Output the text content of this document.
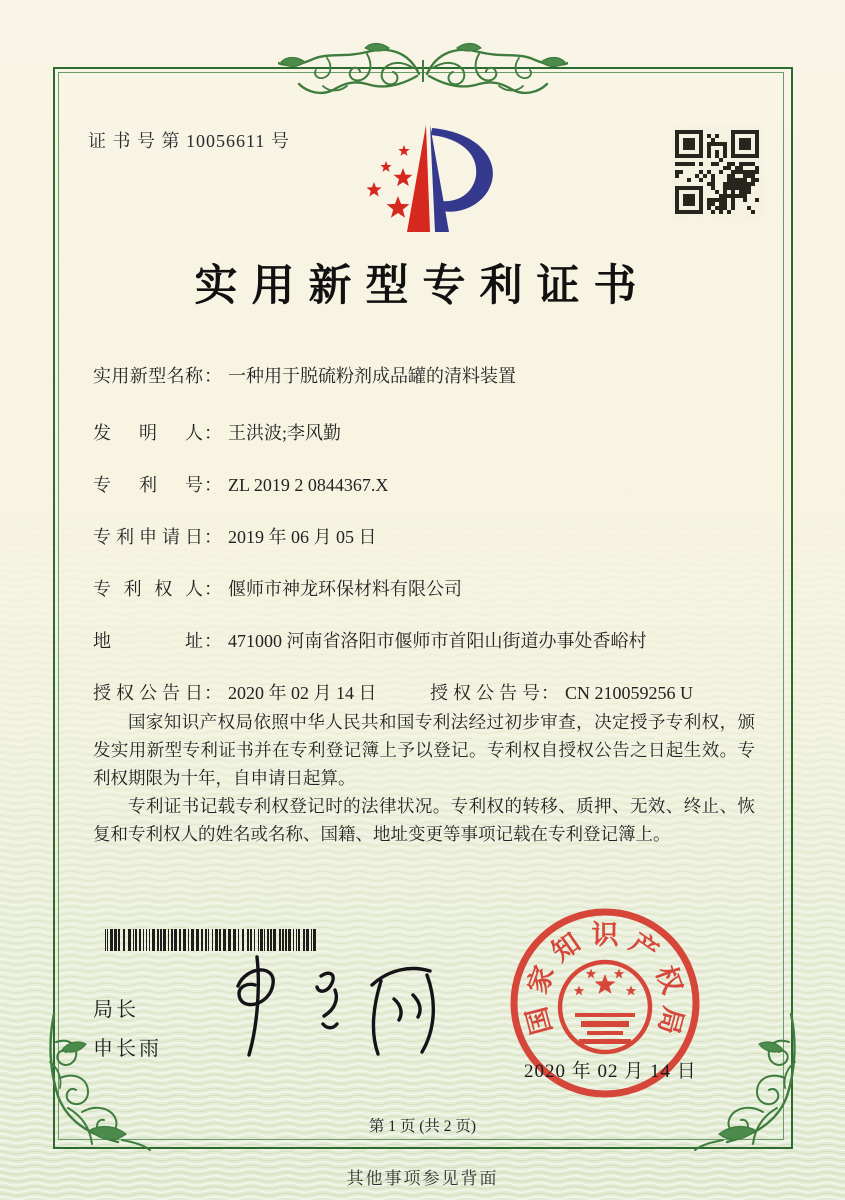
证 书 号 第 10056611 号
实用新型专利证书
实用新型名称： 一种用于脱硫粉剂成品罐的清料装置
发明人： 王洪波;李风勤
专利号： ZL 2019 2 0844367.X
专利申请日： 2019 年 06 月 05 日
专利权人： 偃师市神龙环保材料有限公司
地址： 471000 河南省洛阳市偃师市首阳山街道办事处香峪村
授权公告日： 2020 年 02 月 14 日	授权公告号： CN 210059256 U

国家知识产权局依照中华人民共和国专利法经过初步审查，决定授予专利权，颁发实用新型专利证书并在专利登记簿上予以登记。专利权自授权公告之日起生效。专利权期限为十年，自申请日起算。

专利证书记载专利权登记时的法律状况。专利权的转移、质押、无效、终止、恢复和专利权人的姓名或名称、国籍、地址变更等事项记载在专利登记簿上。

局长
申长雨
国
家
知 识 产
权
局
2020 年 02 月 14 日
第 1 页 (共 2 页)
其他事项参见背面
